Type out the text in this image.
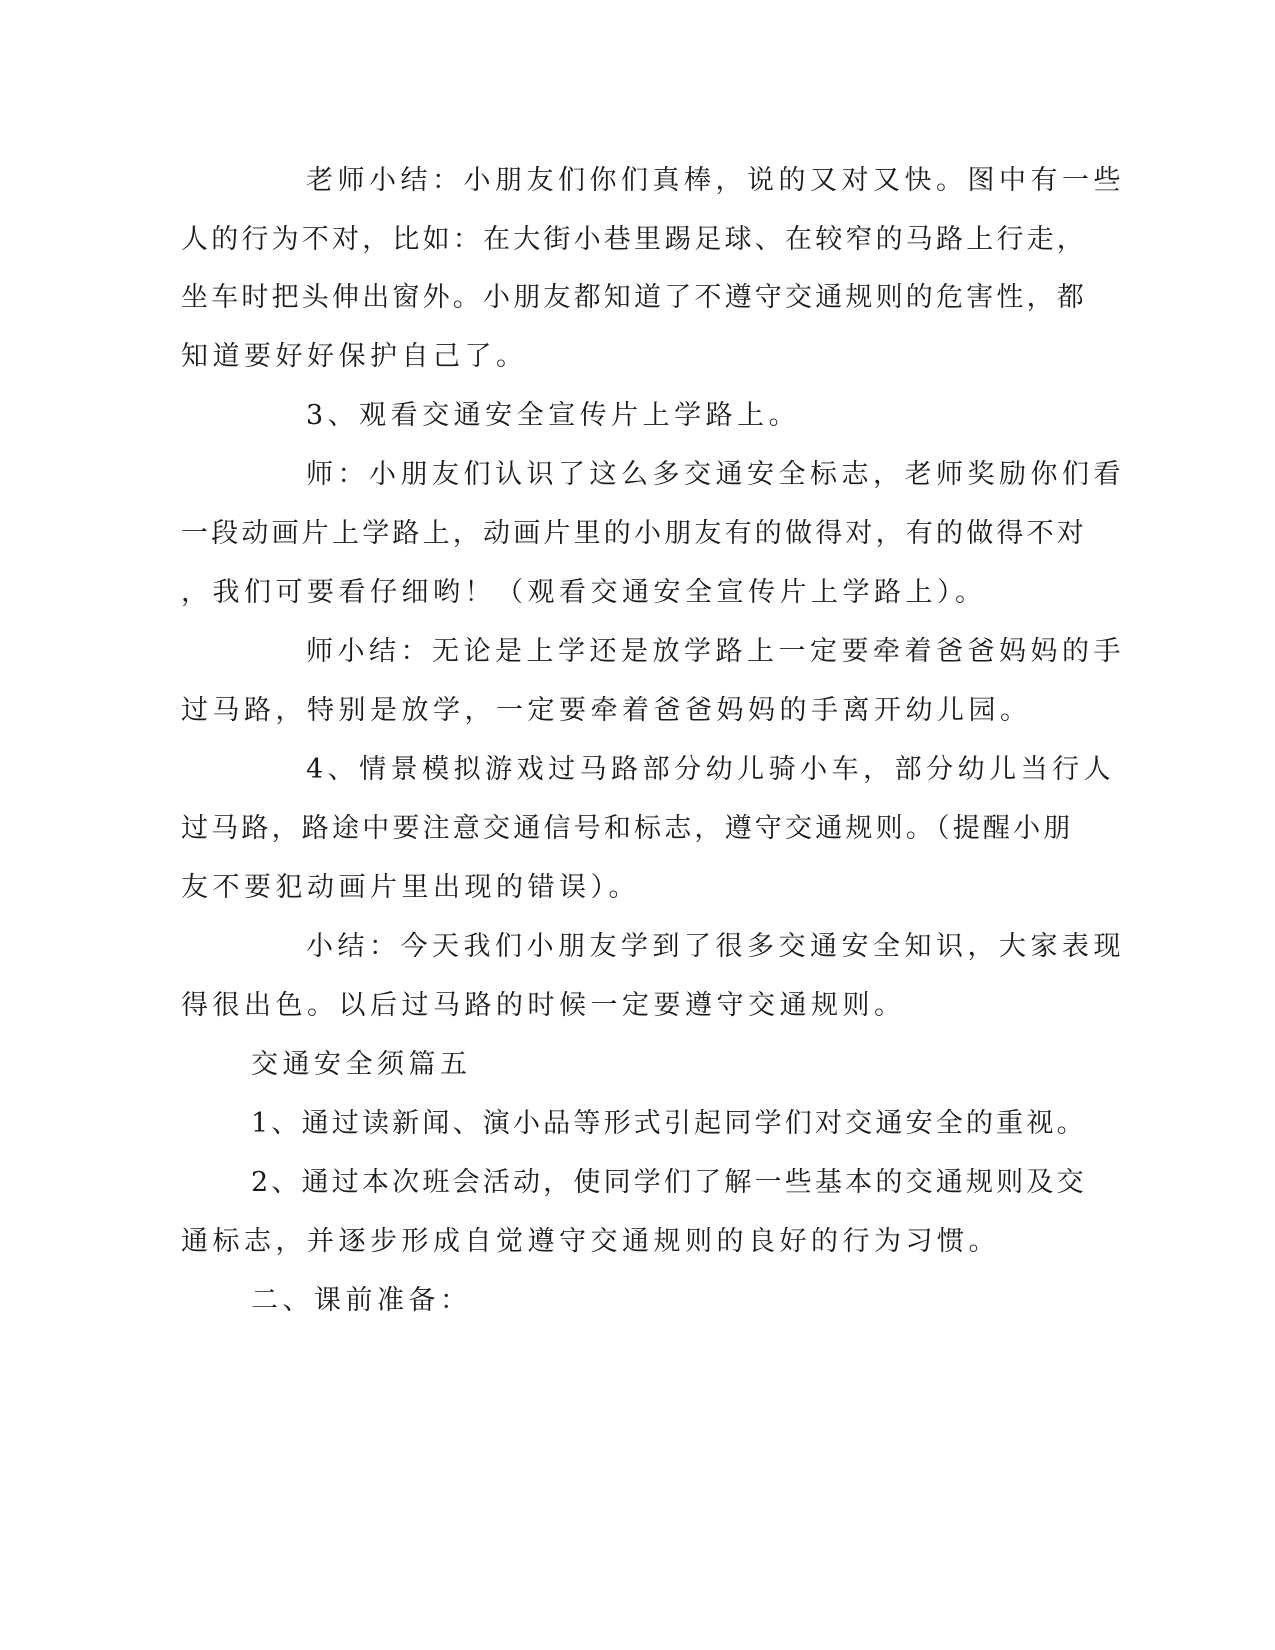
老师小结：小朋友们你们真棒，说的又对又快。图中有一些

人的行为不对，比如：在大街小巷里踢足球、在较窄的马路上行走，

坐车时把头伸出窗外。小朋友都知道了不遵守交通规则的危害性，都

知道要好好保护自己了。

3、观看交通安全宣传片上学路上。

师：小朋友们认识了这么多交通安全标志，老师奖励你们看

一段动画片上学路上，动画片里的小朋友有的做得对，有的做得不对

，我们可要看仔细哟！（观看交通安全宣传片上学路上）。

师小结：无论是上学还是放学路上一定要牵着爸爸妈妈的手

过马路，特别是放学，一定要牵着爸爸妈妈的手离开幼儿园。

4、情景模拟游戏过马路部分幼儿骑小车，部分幼儿当行人

过马路，路途中要注意交通信号和标志，遵守交通规则。（提醒小朋

友不要犯动画片里出现的错误）。

小结：今天我们小朋友学到了很多交通安全知识，大家表现

得很出色。以后过马路的时候一定要遵守交通规则。

交通安全须篇五

1、通过读新闻、演小品等形式引起同学们对交通安全的重视。

2、通过本次班会活动，使同学们了解一些基本的交通规则及交

通标志，并逐步形成自觉遵守交通规则的良好的行为习惯。

二、课前准备：
